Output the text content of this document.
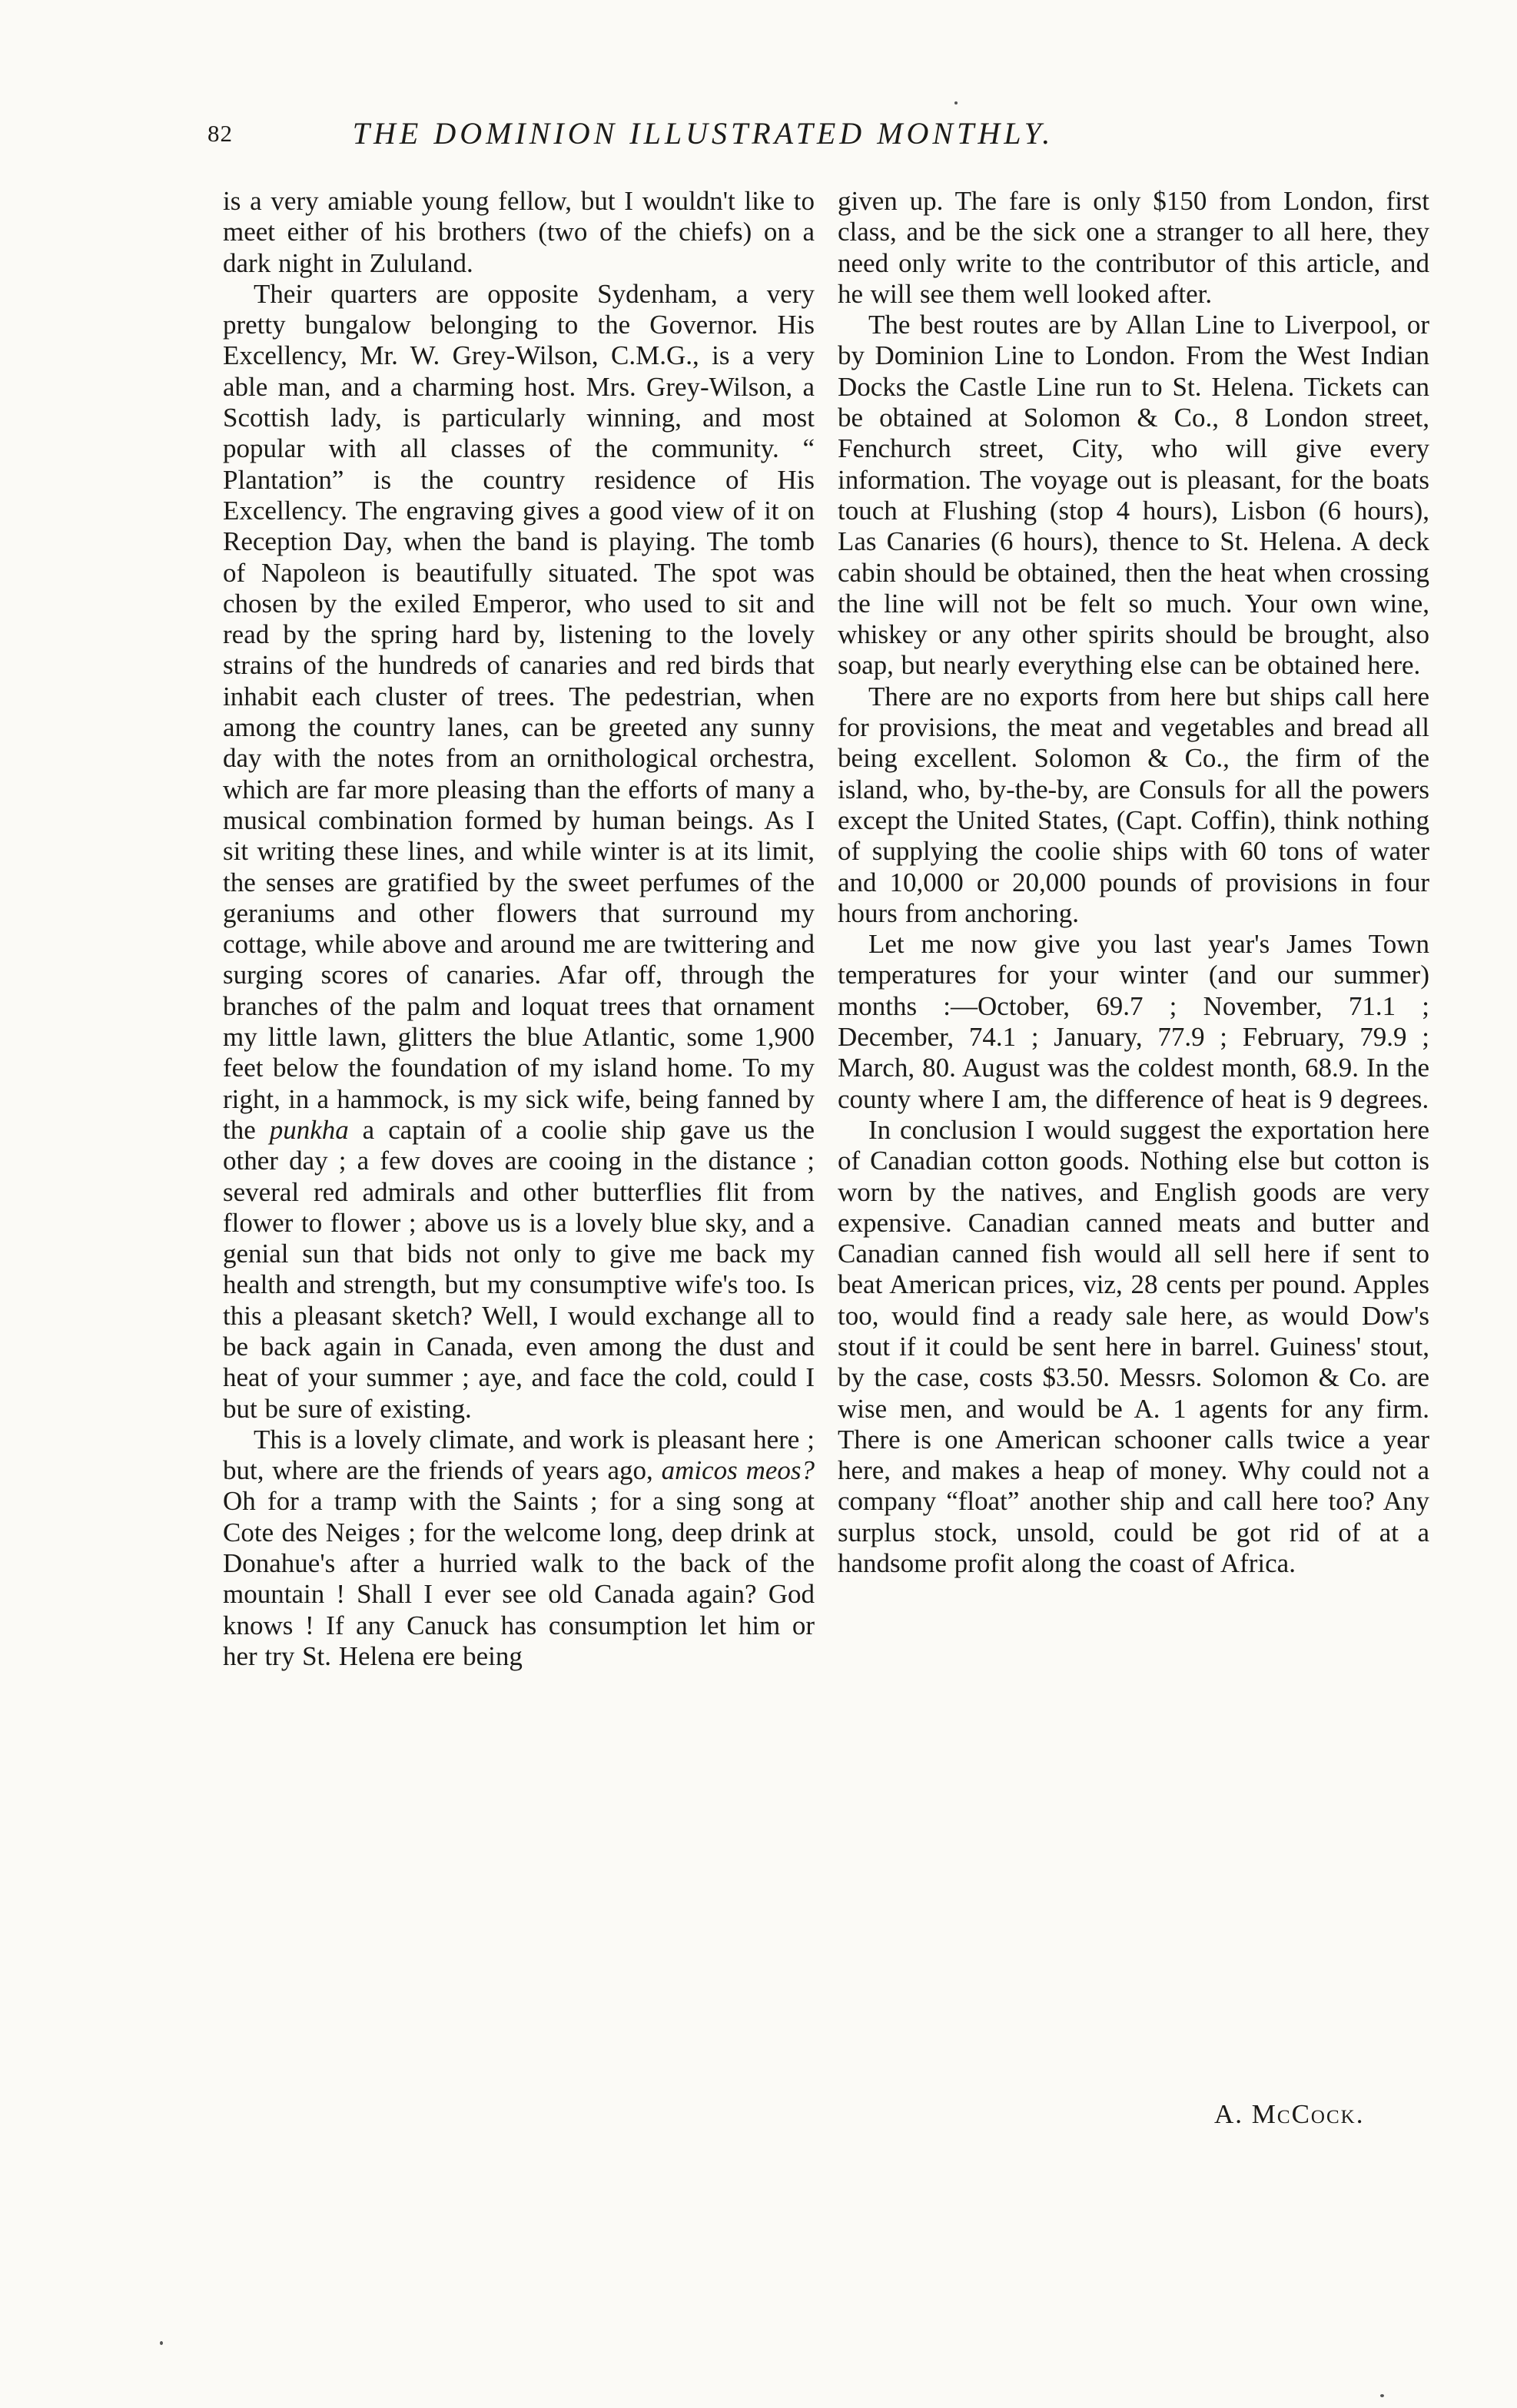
82	THE DOMINION ILLUSTRATED MONTHLY.

is a very amiable young fellow, but I wouldn't like to meet either of his brothers (two of the chiefs) on a dark night in Zululand.

Their quarters are opposite Sydenham, a very pretty bungalow belonging to the Governor. His Excellency, Mr. W. Grey-Wilson, C.M.G., is a very able man, and a charming host. Mrs. Grey-Wilson, a Scottish lady, is particularly winning, and most popular with all classes of the community. “ Plantation” is the country residence of His Excellency. The engraving gives a good view of it on Reception Day, when the band is playing. The tomb of Napoleon is beautifully situated. The spot was chosen by the exiled Emperor, who used to sit and read by the spring hard by, listening to the lovely strains of the hundreds of canaries and red birds that inhabit each cluster of trees. The pedestrian, when among the country lanes, can be greeted any sunny day with the notes from an ornithological orchestra, which are far more pleasing than the efforts of many a musical combination formed by human beings. As I sit writing these lines, and while winter is at its limit, the senses are gratified by the sweet perfumes of the geraniums and other flowers that surround my cottage, while above and around me are twittering and surging scores of canaries. Afar off, through the branches of the palm and loquat trees that ornament my little lawn, glitters the blue Atlantic, some 1,900 feet below the foundation of my island home. To my right, in a hammock, is my sick wife, being fanned by the punkha a captain of a coolie ship gave us the other day ; a few doves are cooing in the distance ; several red admirals and other butterflies flit from flower to flower ; above us is a lovely blue sky, and a genial sun that bids not only to give me back my health and strength, but my consumptive wife's too. Is this a pleasant sketch? Well, I would exchange all to be back again in Canada, even among the dust and heat of your summer ; aye, and face the cold, could I but be sure of existing.

This is a lovely climate, and work is pleasant here ; but, where are the friends of years ago, amicos meos? Oh for a tramp with the Saints ; for a sing song at Cote des Neiges ; for the welcome long, deep drink at Donahue's after a hurried walk to the back of the mountain ! Shall I ever see old Canada again? God knows ! If any Canuck has consumption let him or her try St. Helena ere being

given up. The fare is only $150 from London, first class, and be the sick one a stranger to all here, they need only write to the contributor of this article, and he will see them well looked after.

The best routes are by Allan Line to Liverpool, or by Dominion Line to London. From the West Indian Docks the Castle Line run to St. Helena. Tickets can be obtained at Solomon & Co., 8 London street, Fenchurch street, City, who will give every information. The voyage out is pleasant, for the boats touch at Flushing (stop 4 hours), Lisbon (6 hours), Las Canaries (6 hours), thence to St. Helena. A deck cabin should be obtained, then the heat when crossing the line will not be felt so much. Your own wine, whiskey or any other spirits should be brought, also soap, but nearly everything else can be obtained here.

There are no exports from here but ships call here for provisions, the meat and vegetables and bread all being excellent. Solomon & Co., the firm of the island, who, by-the-by, are Consuls for all the powers except the United States, (Capt. Coffin), think nothing of supplying the coolie ships with 60 tons of water and 10,000 or 20,000 pounds of provisions in four hours from anchoring.

Let me now give you last year's James Town temperatures for your winter (and our summer) months :—October, 69.7 ; November, 71.1 ; December, 74.1 ; January, 77.9 ; February, 79.9 ; March, 80. August was the coldest month, 68.9. In the county where I am, the difference of heat is 9 degrees.

In conclusion I would suggest the exportation here of Canadian cotton goods. Nothing else but cotton is worn by the natives, and English goods are very expensive. Canadian canned meats and butter and Canadian canned fish would all sell here if sent to beat American prices, viz, 28 cents per pound. Apples too, would find a ready sale here, as would Dow's stout if it could be sent here in barrel. Guiness' stout, by the case, costs $3.50. Messrs. Solomon & Co. are wise men, and would be A. 1 agents for any firm. There is one American schooner calls twice a year here, and makes a heap of money. Why could not a company “float” another ship and call here too? Any surplus stock, unsold, could be got rid of at a handsome profit along the coast of Africa.

A. McCock.
